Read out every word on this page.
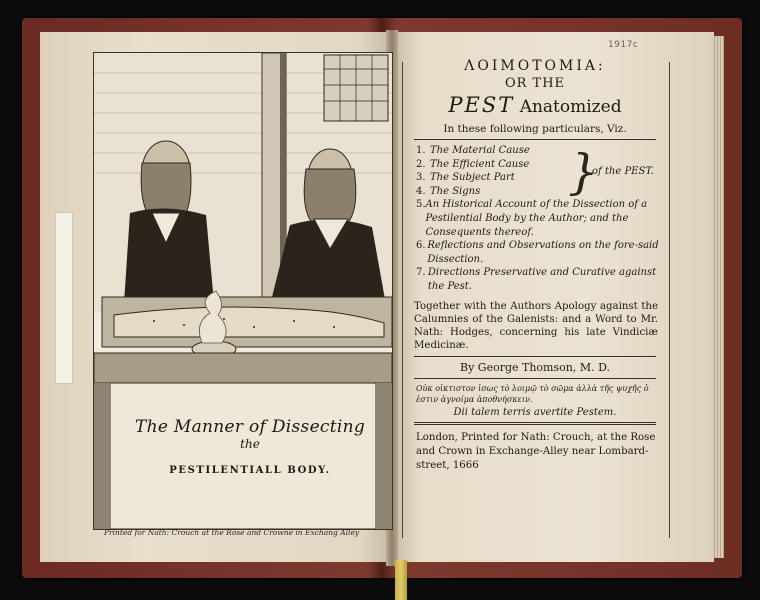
The Manner of Dissecting
the
PESTILENTIALL BODY.
Printed for Nath: Crouch at the Rose and Crowne in Exchang Alley
1917c
ΛΟΙΜΟΤΟΜΙΑ:
OR THE
PEST Anatomized
In these following particulars, Viz.
1. The Material Cause
2. The Efficient Cause
3. The Subject Part
4. The Signs }
of the PEST.
5. An Historical Account of the Dissection of a Pestilential Body by the Author; and the Consequents thereof.
6. Reflections and Observations on the fore-said Dissection.
7. Directions Preservative and Curative against the Pest.
Together with the Authors Apology against the Calumnies of the Galenists: and a Word to Mr. Nath: Hodges, concerning his late Vindiciæ Medicinæ.
By George Thomson, M. D.
Οὐκ οἰκτιστον ἰσως τὸ λοιμῷ τὸ σῶμα ἀλλὰ τῆς ψυχῆς ὁ ἐστιν ἀγνοίμα ἀποθνήσκειν.
Dii talem terris avertite Pestem.
London, Printed for Nath: Crouch, at the Rose and Crown in Exchange-Alley near Lombard-street, 1666
